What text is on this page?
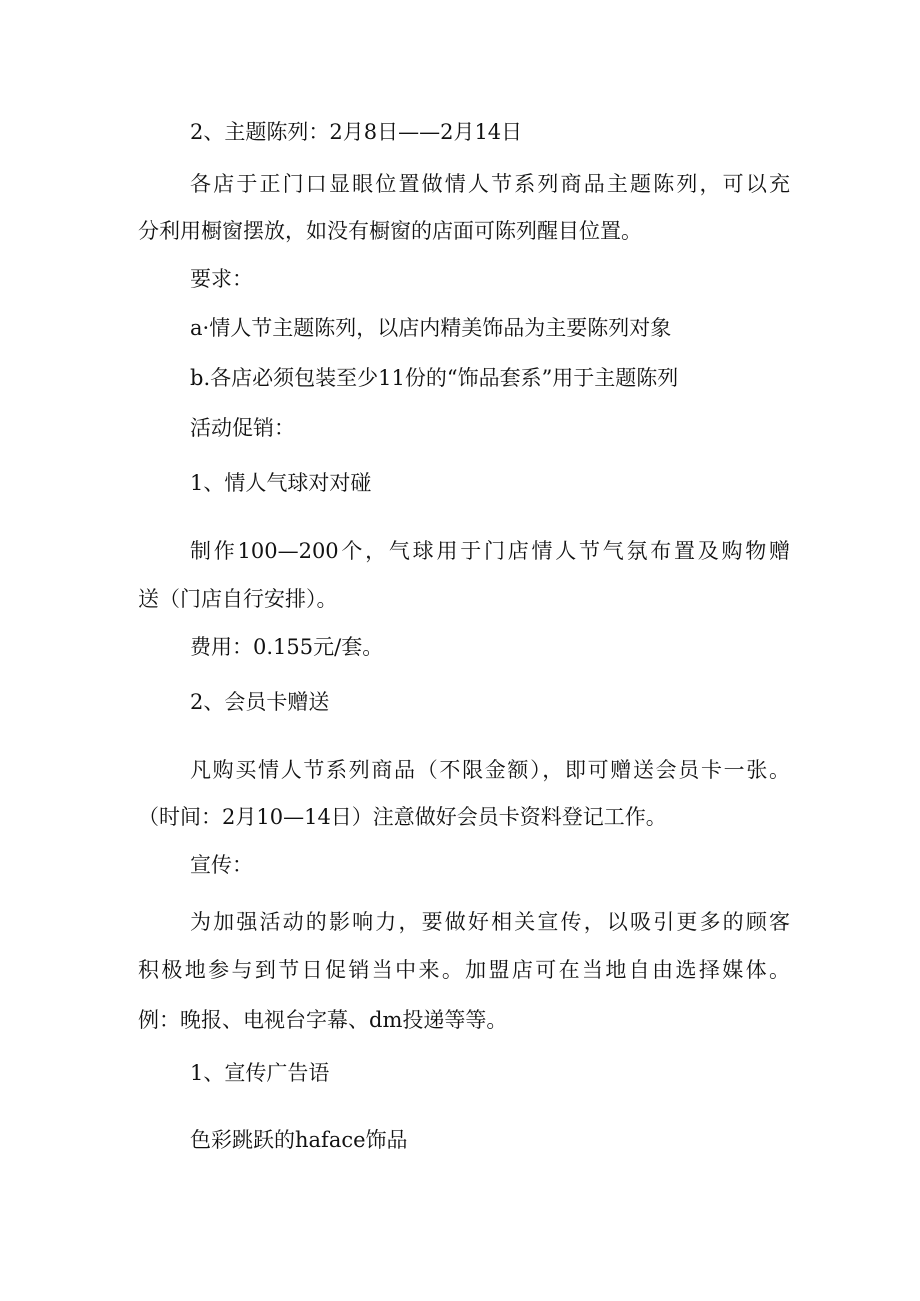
2、主题陈列：2月8日——2月14日
各店于正门口显眼位置做情人节系列商品主题陈列，可以充
分利用橱窗摆放，如没有橱窗的店面可陈列醒目位置。
要求：
a·情人节主题陈列，以店内精美饰品为主要陈列对象
b.各店必须包装至少11份的“饰品套系”用于主题陈列
活动促销：
1、情人气球对对碰
制作100—200个，气球用于门店情人节气氛布置及购物赠
送（门店自行安排）。
费用：0.155元/套。
2、会员卡赠送
凡购买情人节系列商品（不限金额），即可赠送会员卡一张。
（时间：2月10—14日）注意做好会员卡资料登记工作。
宣传：
为加强活动的影响力，要做好相关宣传，以吸引更多的顾客
积极地参与到节日促销当中来。加盟店可在当地自由选择媒体。
例：晚报、电视台字幕、dm投递等等。
1、宣传广告语
色彩跳跃的haface饰品
